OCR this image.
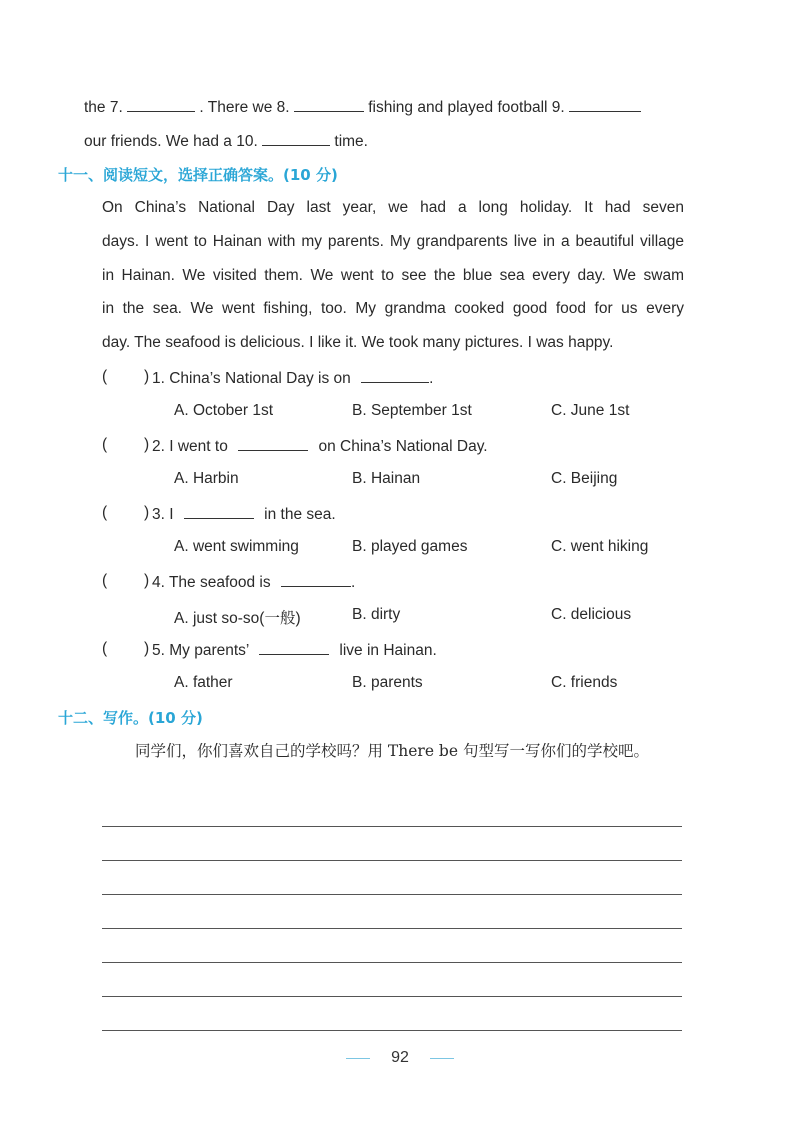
the 7.	. There we 8.	fishing and played football 9.
our friends. We had a 10.	time.
十一、阅读短文，选择正确答案。(10 分)
On China’s National Day last year, we had a long holiday. It had seven
days. I went to Hainan with my parents. My grandparents live in a beautiful village
in Hainan. We visited them. We went to see the blue sea every day. We swam
in the sea. We went fishing, too. My grandma cooked good food for us every
day. The seafood is delicious. I like it. We took many pictures. I was happy.
( ) 1. China’s National Day is on	.
A. October 1st	B. September 1st	C. June 1st
( ) 2. I went to	on China’s National Day.
A. Harbin	B. Hainan	C. Beijing
( ) 3. I	in the sea.
A. went swimming	B. played games	C. went hiking
( ) 4. The seafood is	.
A. just so-so(一般)	B. dirty	C. delicious
( ) 5. My parents’	live in Hainan.
A. father	B. parents	C. friends
十二、写作。(10 分)
同学们，你们喜欢自己的学校吗？用 There be 句型写一写你们的学校吧。
92
